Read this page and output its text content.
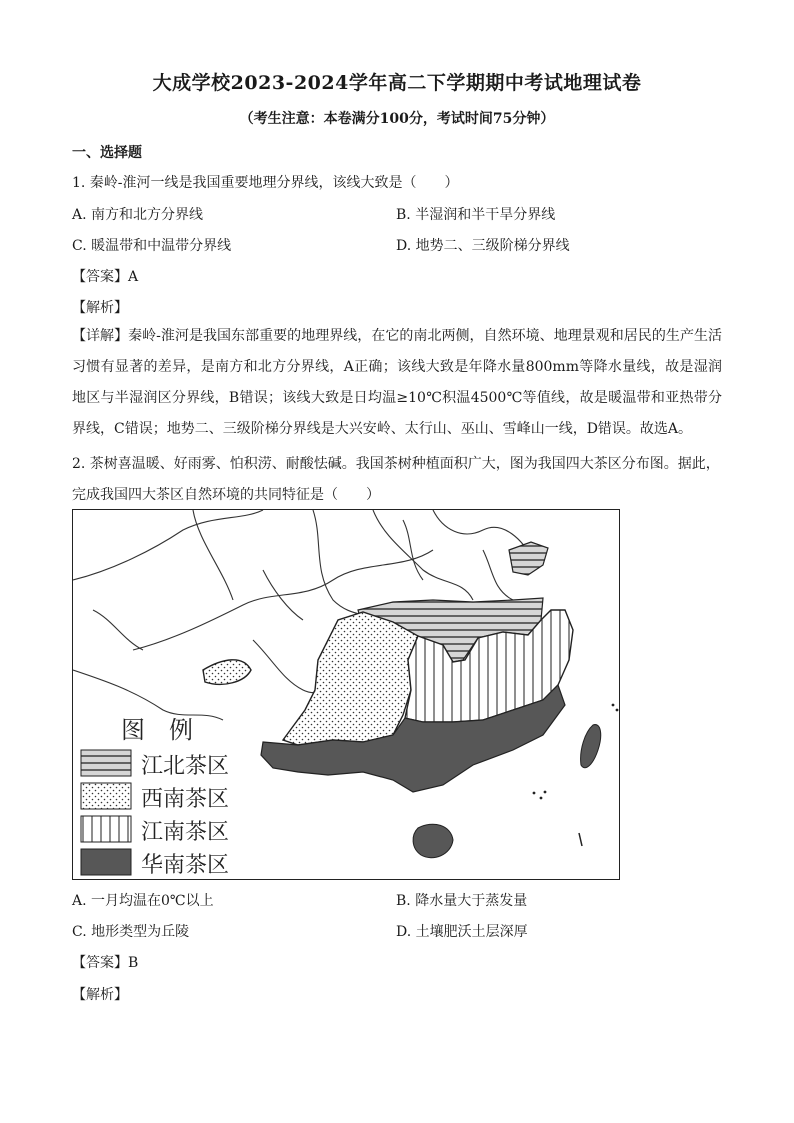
大成学校2023-2024学年高二下学期期中考试地理试卷
（考生注意：本卷满分100分，考试时间75分钟）
一、选择题
1. 秦岭-淮河一线是我国重要地理分界线，该线大致是（　　）
A. 南方和北方分界线	B. 半湿润和半干旱分界线
C. 暖温带和中温带分界线	D. 地势二、三级阶梯分界线
【答案】A
【解析】
【详解】秦岭-淮河是我国东部重要的地理界线，在它的南北两侧，自然环境、地理景观和居民的生产生活习惯有显著的差异，是南方和北方分界线，A正确；该线大致是年降水量800mm等降水量线，故是湿润地区与半湿润区分界线，B错误；该线大致是日均温≥10℃积温4500℃等值线，故是暖温带和亚热带分界线，C错误；地势二、三级阶梯分界线是大兴安岭、太行山、巫山、雪峰山一线，D错误。故选A。
2. 茶树喜温暖、好雨雾、怕积涝、耐酸怯碱。我国茶树种植面积广大，图为我国四大茶区分布图。据此，
完成我国四大茶区自然环境的共同特征是（　　）
图　例
江北茶区
西南茶区
江南茶区
华南茶区
A. 一月均温在0℃以上	B. 降水量大于蒸发量
C. 地形类型为丘陵	D. 土壤肥沃土层深厚
【答案】B
【解析】
